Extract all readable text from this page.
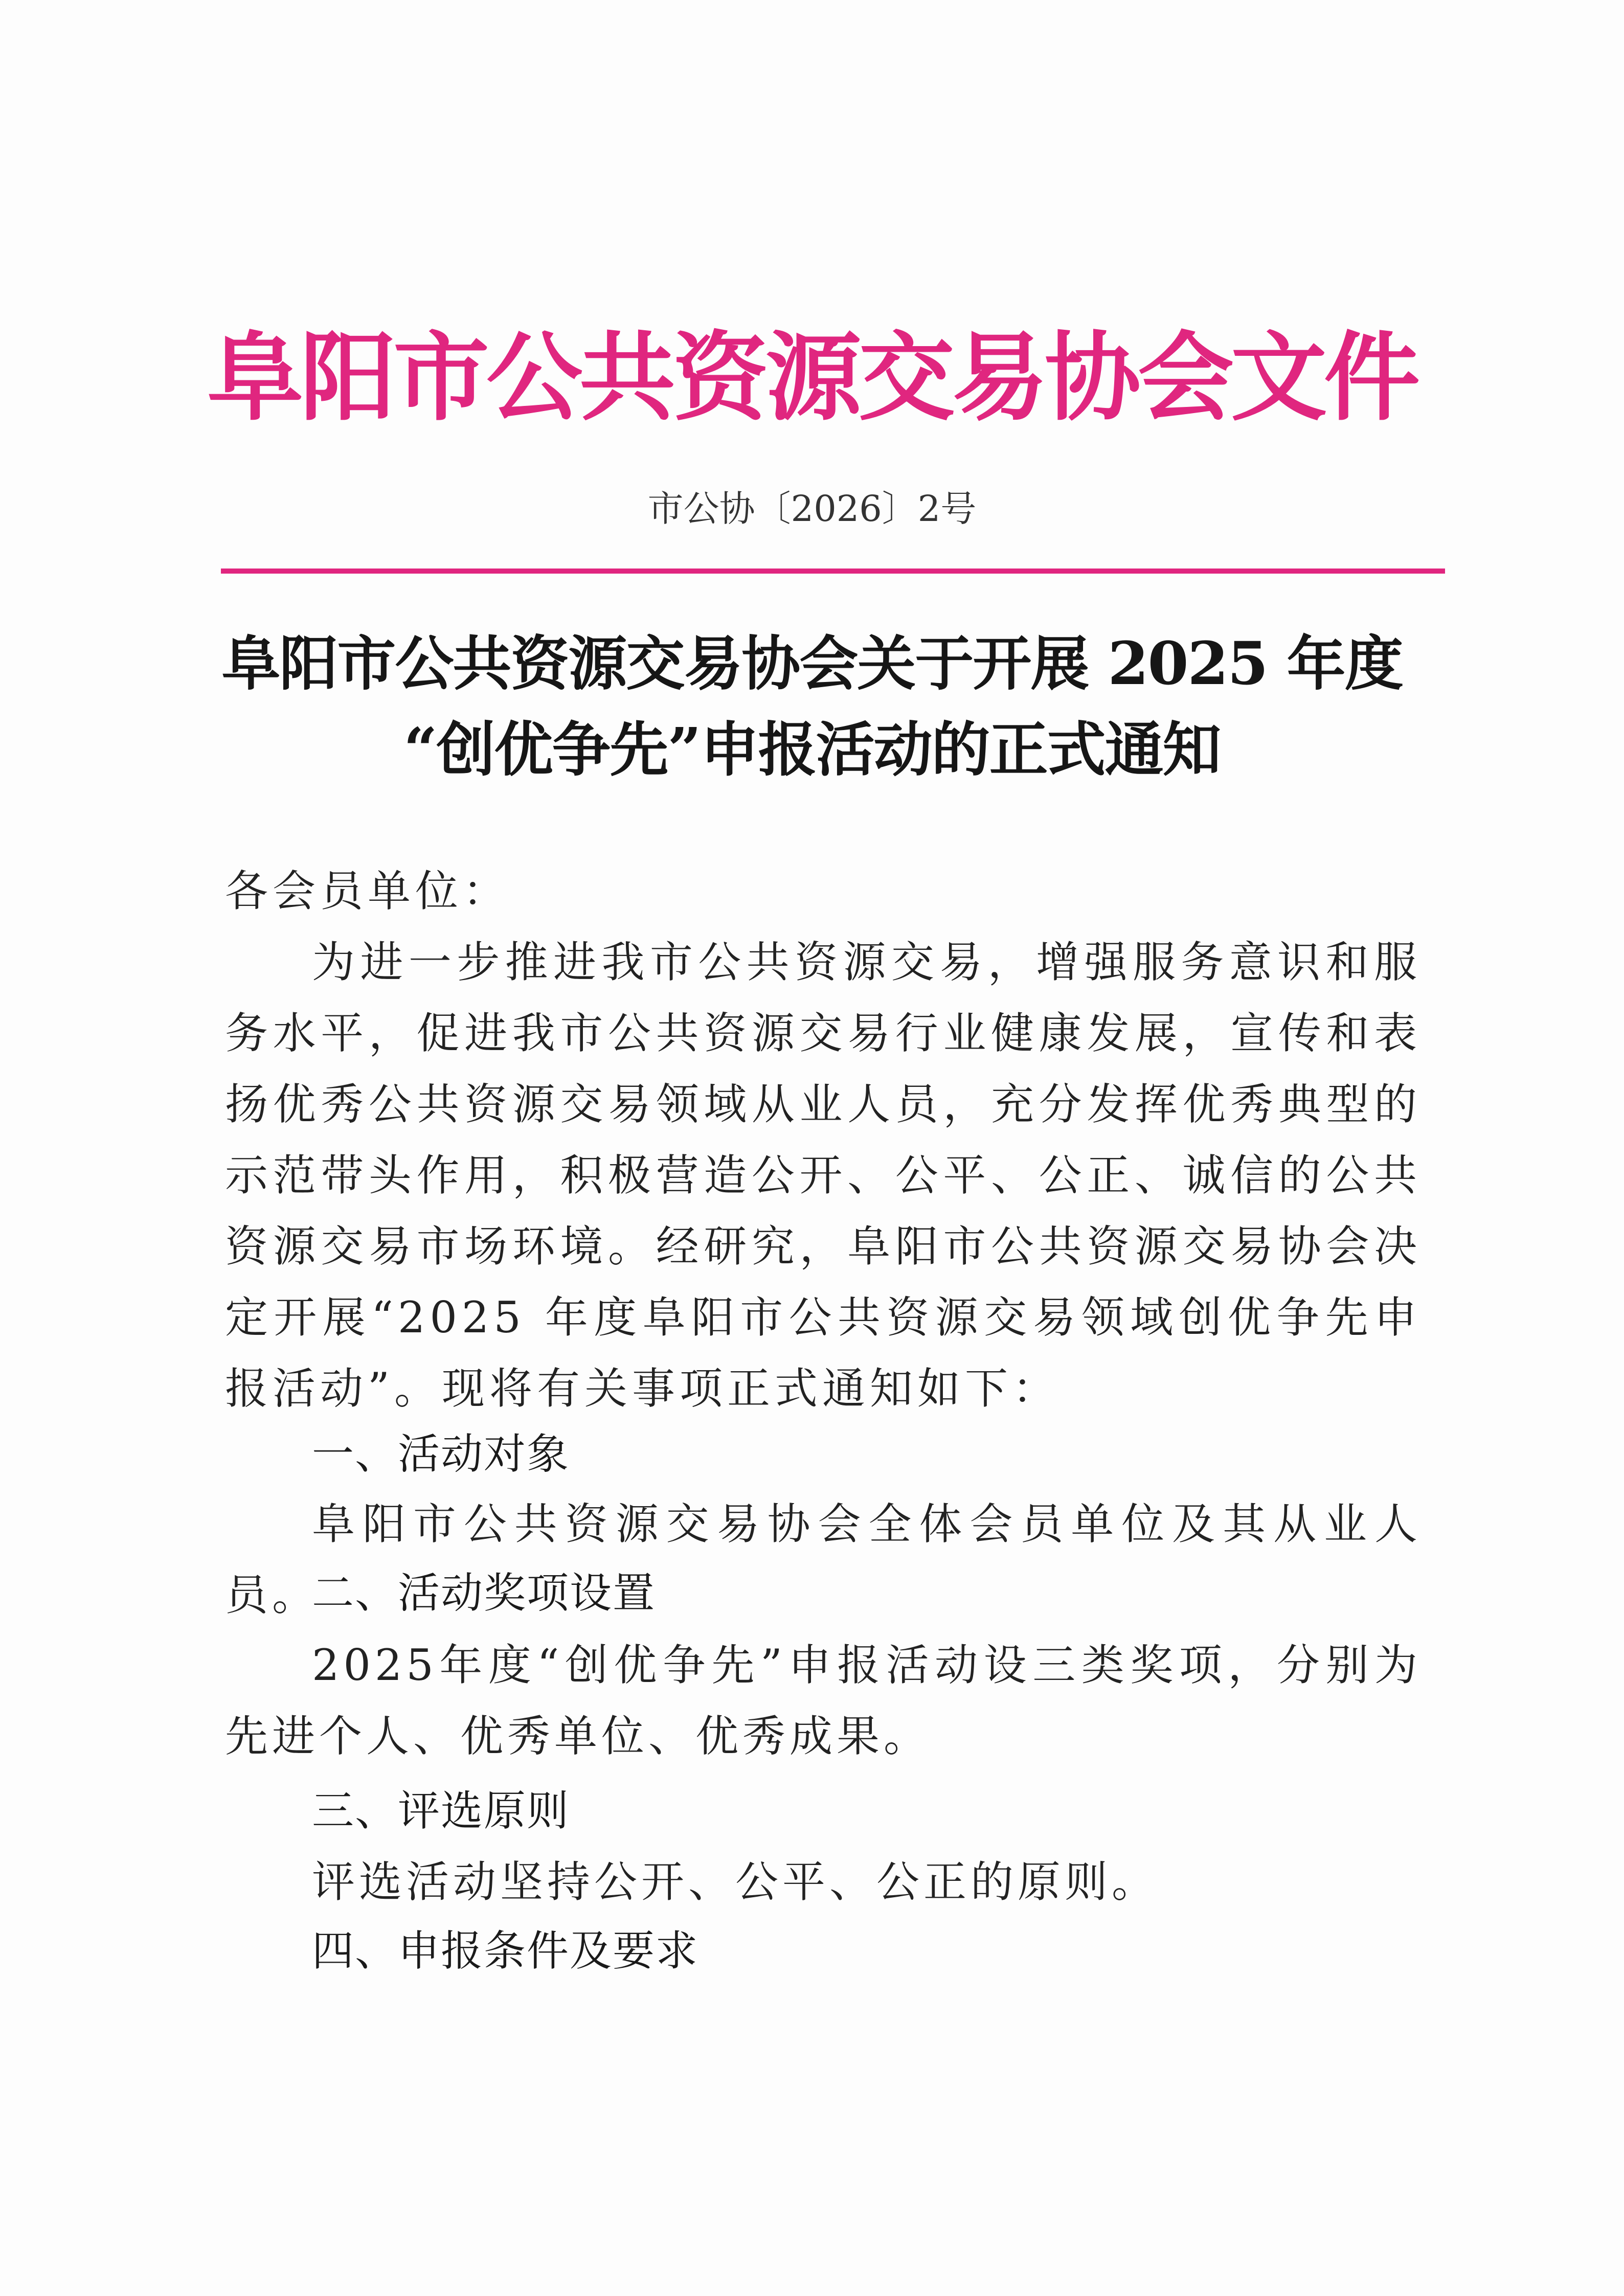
阜阳市公共资源交易协会文件
市公协〔2026〕2号
阜阳市公共资源交易协会关于开展 2025 年度
“创优争先”申报活动的正式通知
各会员单位：
为进一步推进我市公共资源交易，增强服务意识和服务水平，促进我市公共资源交易行业健康发展，宣传和表扬优秀公共资源交易领域从业人员，充分发挥优秀典型的示范带头作用，积极营造公开、公平、公正、诚信的公共资源交易市场环境。经研究，阜阳市公共资源交易协会决定开展“2025 年度阜阳市公共资源交易领域创优争先申报活动”。现将有关事项正式通知如下：
一、活动对象
阜阳市公共资源交易协会全体会员单位及其从业人员。
二、活动奖项设置
2025年度“创优争先”申报活动设三类奖项，分别为先进个人、优秀单位、优秀成果。
三、评选原则
评选活动坚持公开、公平、公正的原则。
四、申报条件及要求
